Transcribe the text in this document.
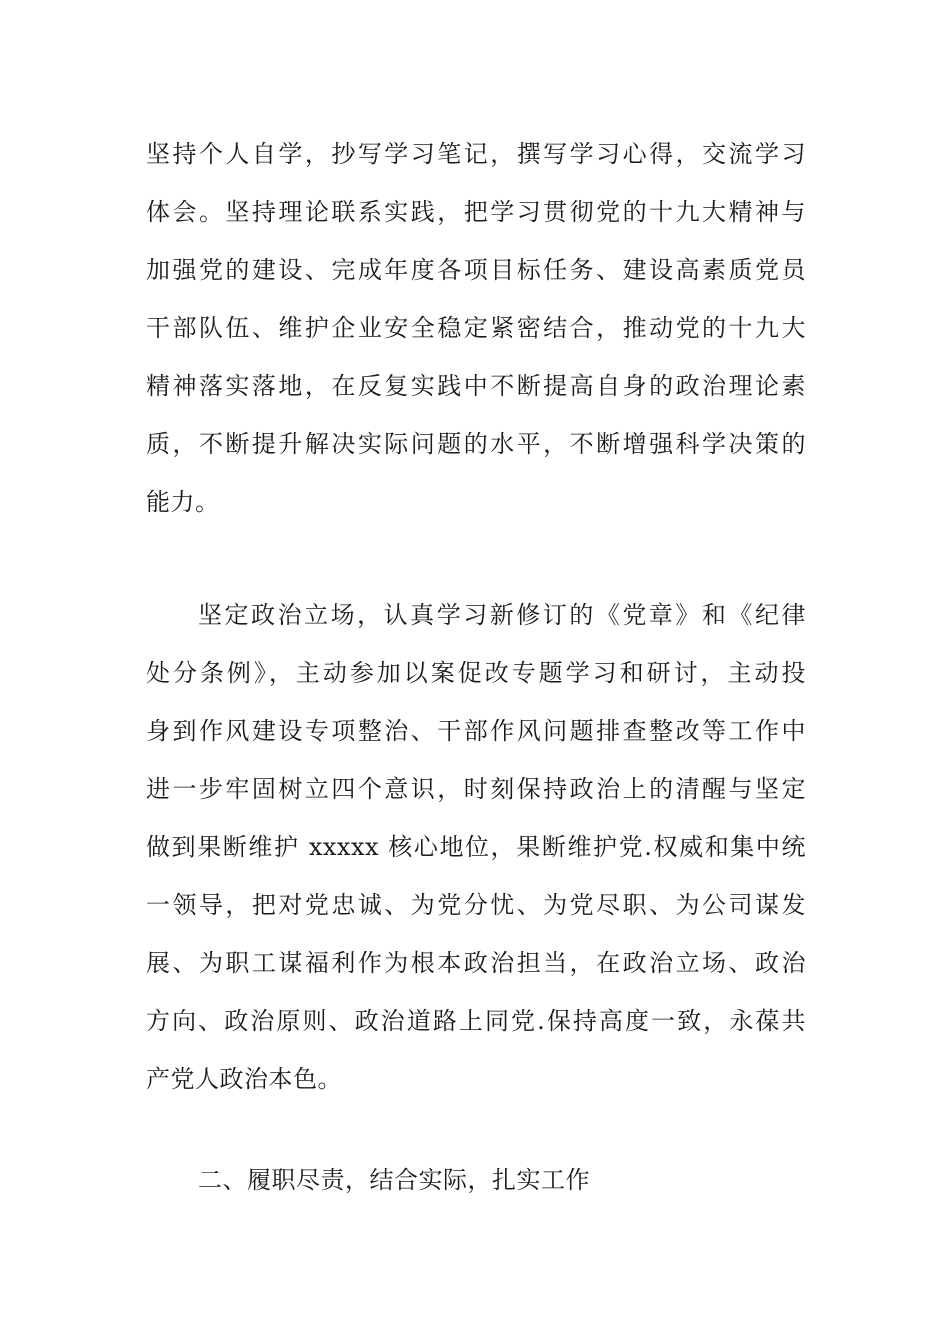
坚持个人自学，抄写学习笔记，撰写学习心得，交流学习
体会。坚持理论联系实践，把学习贯彻党的十九大精神与
加强党的建设、完成年度各项目标任务、建设高素质党员
干部队伍、维护企业安全稳定紧密结合，推动党的十九大
精神落实落地，在反复实践中不断提高自身的政治理论素
质，不断提升解决实际问题的水平，不断增强科学决策的
能力。
坚定政治立场，认真学习新修订的《党章》和《纪律
处分条例》，主动参加以案促改专题学习和研讨，主动投
身到作风建设专项整治、干部作风问题排查整改等工作中
进一步牢固树立四个意识，时刻保持政治上的清醒与坚定
做到果断维护 xxxxx 核心地位，果断维护党.权威和集中统
一领导，把对党忠诚、为党分忧、为党尽职、为公司谋发
展、为职工谋福利作为根本政治担当，在政治立场、政治
方向、政治原则、政治道路上同党.保持高度一致，永葆共
产党人政治本色。
二、履职尽责，结合实际，扎实工作
